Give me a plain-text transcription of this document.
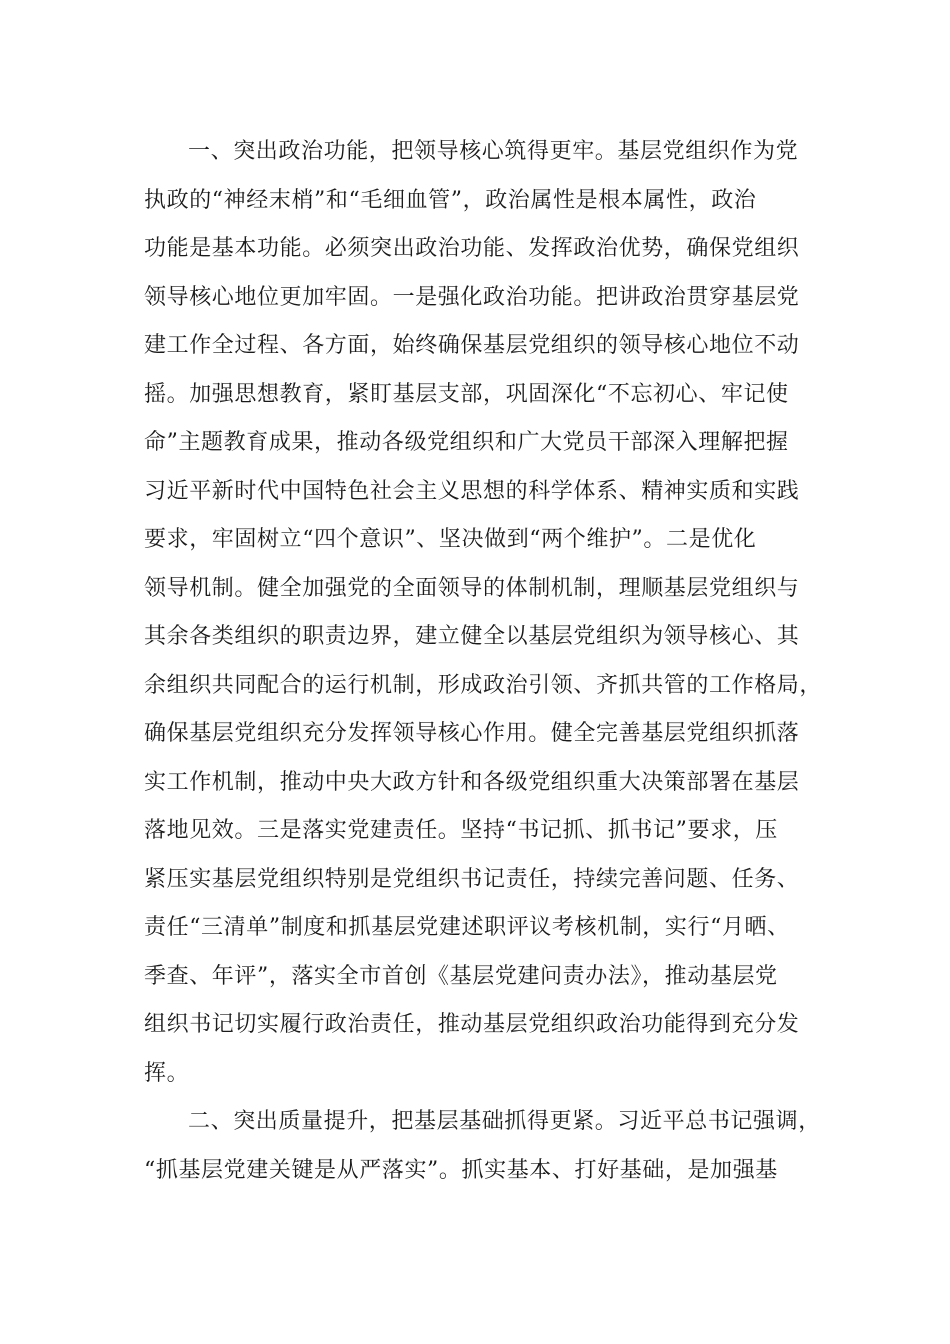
一、突出政治功能，把领导核心筑得更牢。基层党组织作为党
执政的“神经末梢”和“毛细血管”，政治属性是根本属性，政治
功能是基本功能。必须突出政治功能、发挥政治优势，确保党组织
领导核心地位更加牢固。一是强化政治功能。把讲政治贯穿基层党
建工作全过程、各方面，始终确保基层党组织的领导核心地位不动
摇。加强思想教育，紧盯基层支部，巩固深化“不忘初心、牢记使
命”主题教育成果，推动各级党组织和广大党员干部深入理解把握
习近平新时代中国特色社会主义思想的科学体系、精神实质和实践
要求，牢固树立“四个意识”、坚决做到“两个维护”。二是优化
领导机制。健全加强党的全面领导的体制机制，理顺基层党组织与
其余各类组织的职责边界，建立健全以基层党组织为领导核心、其
余组织共同配合的运行机制，形成政治引领、齐抓共管的工作格局，
确保基层党组织充分发挥领导核心作用。健全完善基层党组织抓落
实工作机制，推动中央大政方针和各级党组织重大决策部署在基层
落地见效。三是落实党建责任。坚持“书记抓、抓书记”要求，压
紧压实基层党组织特别是党组织书记责任，持续完善问题、任务、
责任“三清单”制度和抓基层党建述职评议考核机制，实行“月晒、
季查、年评”，落实全市首创《基层党建问责办法》，推动基层党
组织书记切实履行政治责任，推动基层党组织政治功能得到充分发
挥。
二、突出质量提升，把基层基础抓得更紧。习近平总书记强调，
“抓基层党建关键是从严落实”。抓实基本、打好基础，是加强基
